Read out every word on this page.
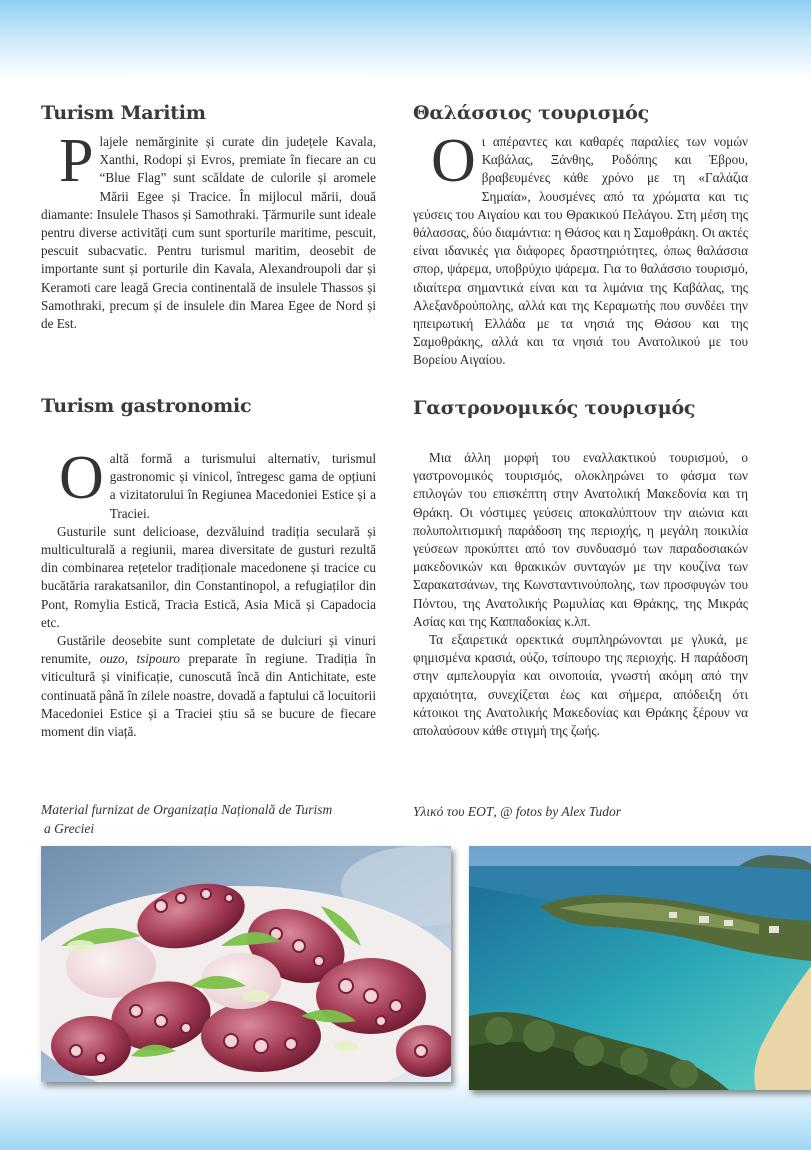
Turism Maritim
P lajele nemărginite și curate din județele Kavala, Xanthi, Rodopi și Evros, premiate în fiecare an cu “Blue Flag” sunt scăldate de culorile și aromele Mării Egee și Tracice. În mijlocul mării, două diamante: Insulele Thasos și Samothraki. Țărmurile sunt ideale pentru diverse activități cum sunt sporturile maritime, pescuit, pescuit subacvatic. Pentru turismul maritim, deosebit de importante sunt și porturile din Kavala, Alexandroupoli dar și Keramoti care leagă Grecia continentală de insulele Thassos și Samothraki, precum și de insulele din Marea Egee de Nord și de Est.

Turism gastronomic
O altă formă a turismului alternativ, turismul gastronomic și vinicol, întregesc gama de opțiuni a vizitatorului în Regiunea Macedoniei Estice și a Traciei.

Gusturile sunt delicioase, dezvăluind tradiția seculară și multiculturală a regiunii, marea diversitate de gusturi rezultă din combinarea rețetelor tradiționale macedonene și tracice cu bucătăria rarakatsanilor, din Constantinopol, a refugiaților din Pont, Romylia Estică, Tracia Estică, Asia Mică și Capadocia etc.

Gustările deosebite sunt completate de dulciuri și vinuri renumite, ouzo, tsipouro preparate în regiune. Tradiția în viticultură și vinificație, cunoscută încă din Antichitate, este continuată până în zilele noastre, dovadă a faptului că locuitorii Macedoniei Estice și a Traciei știu să se bucure de fiecare moment din viață.

Material furnizat de Organizația Națională de Turism
a Greciei
Θαλάσσιος τουρισμός
Ο ι απέραντες και καθαρές παραλίες των νομών Καβάλας, Ξάνθης, Ροδόπης και Έβρου, βραβευμένες κάθε χρόνο με τη «Γαλάζια Σημαία», λουσμένες από τα χρώματα και τις γεύσεις του Αιγαίου και του Θρακικού Πελάγου. Στη μέση της θάλασσας, δύο διαμάντια: η Θάσος και η Σαμοθράκη. Οι ακτές είναι ιδανικές για διάφορες δραστηριότητες, όπως θαλάσσια σπορ, ψάρεμα, υποβρύχιο ψάρεμα. Για το θαλάσσιο τουρισμό, ιδιαίτερα σημαντικά είναι και τα λιμάνια της Καβάλας, της Αλεξανδρούπολης, αλλά και της Κεραμωτής που συνδέει την ηπειρωτική Ελλάδα με τα νησιά της Θάσου και της Σαμοθράκης, αλλά και τα νησιά του Ανατολικού με του Βορείου Αιγαίου.

Γαστρονομικός τουρισμός

Μια άλλη μορφή του εναλλακτικού τουρισμού, ο γαστρονομικός τουρισμός, ολοκληρώνει το φάσμα των επιλογών του επισκέπτη στην Ανατολική Μακεδονία και τη Θράκη. Οι νόστιμες γεύσεις αποκαλύπτουν την αιώνια και πολυπολιτισμική παράδοση της περιοχής, η μεγάλη ποικιλία γεύσεων προκύπτει από τον συνδυασμό των παραδοσιακών μακεδονικών και θρακικών συνταγών με την κουζίνα των Σαρακατσάνων, της Κωνσταντινούπολης, των προσφυγών του Πόντου, της Ανατολικής Ρωμυλίας και Θράκης, της Μικράς Ασίας και της Καππαδοκίας κ.λπ.

Τα εξαιρετικά ορεκτικά συμπληρώνονται με γλυκά, με φημισμένα κρασιά, ούζο, τσίπουρο της περιοχής. Η παράδοση στην αμπελουργία και οινοποιία, γνωστή ακόμη από την αρχαιότητα, συνεχίζεται έως και σήμερα, απόδειξη ότι κάτοικοι της Ανατολικής Μακεδονίας και Θράκης ξέρουν να απολαύσουν κάθε στιγμή της ζωής.

Υλικό του ΕΟΤ, @ fotos by Alex Tudor
